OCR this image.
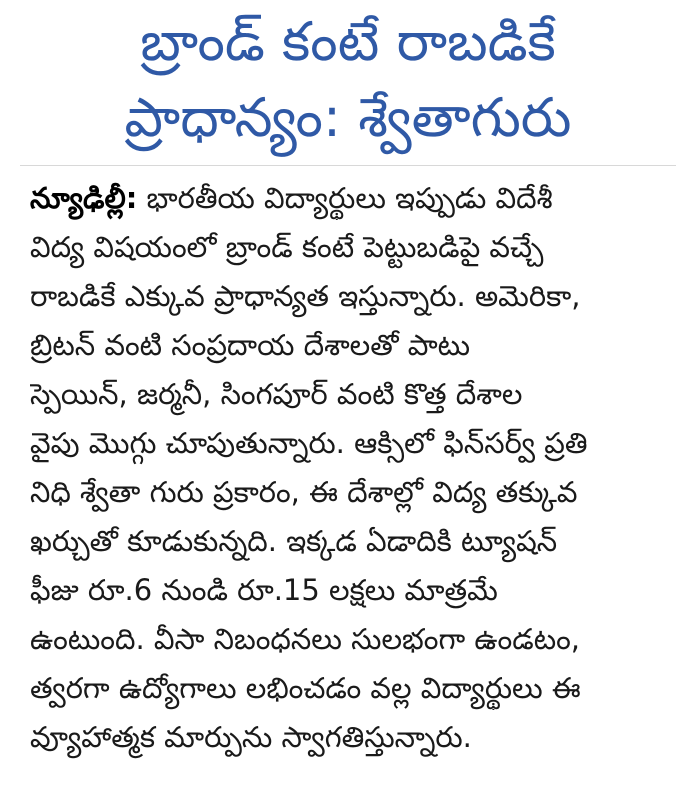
బ్రాండ్ కంటే రాబడికే
ప్రాధాన్యం: శ్వేతాగురు
న్యూఢిల్లీ: భారతీయ విద్యార్థులు ఇప్పుడు విదేశీ
విద్య విషయంలో బ్రాండ్ కంటే పెట్టుబడిపై వచ్చే
రాబడికే ఎక్కువ ప్రాధాన్యత ఇస్తున్నారు. అమెరికా,
బ్రిటన్ వంటి సంప్రదాయ దేశాలతో పాటు
స్పెయిన్, జర్మనీ, సింగపూర్ వంటి కొత్త దేశాల
వైపు మొగ్గు చూపుతున్నారు. ఆక్సిలో ఫిన్‌సర్వ్ ప్రతి
నిధి శ్వేతా గురు ప్రకారం, ఈ దేశాల్లో విద్య తక్కువ
ఖర్చుతో కూడుకున్నది. ఇక్కడ ఏడాదికి ట్యూషన్
ఫీజు రూ.6 నుండి రూ.15 లక్షలు మాత్రమే
ఉంటుంది. వీసా నిబంధనలు సులభంగా ఉండటం,
త్వరగా ఉద్యోగాలు లభించడం వల్ల విద్యార్థులు ఈ
వ్యూహాత్మక మార్పును స్వాగతిస్తున్నారు.
